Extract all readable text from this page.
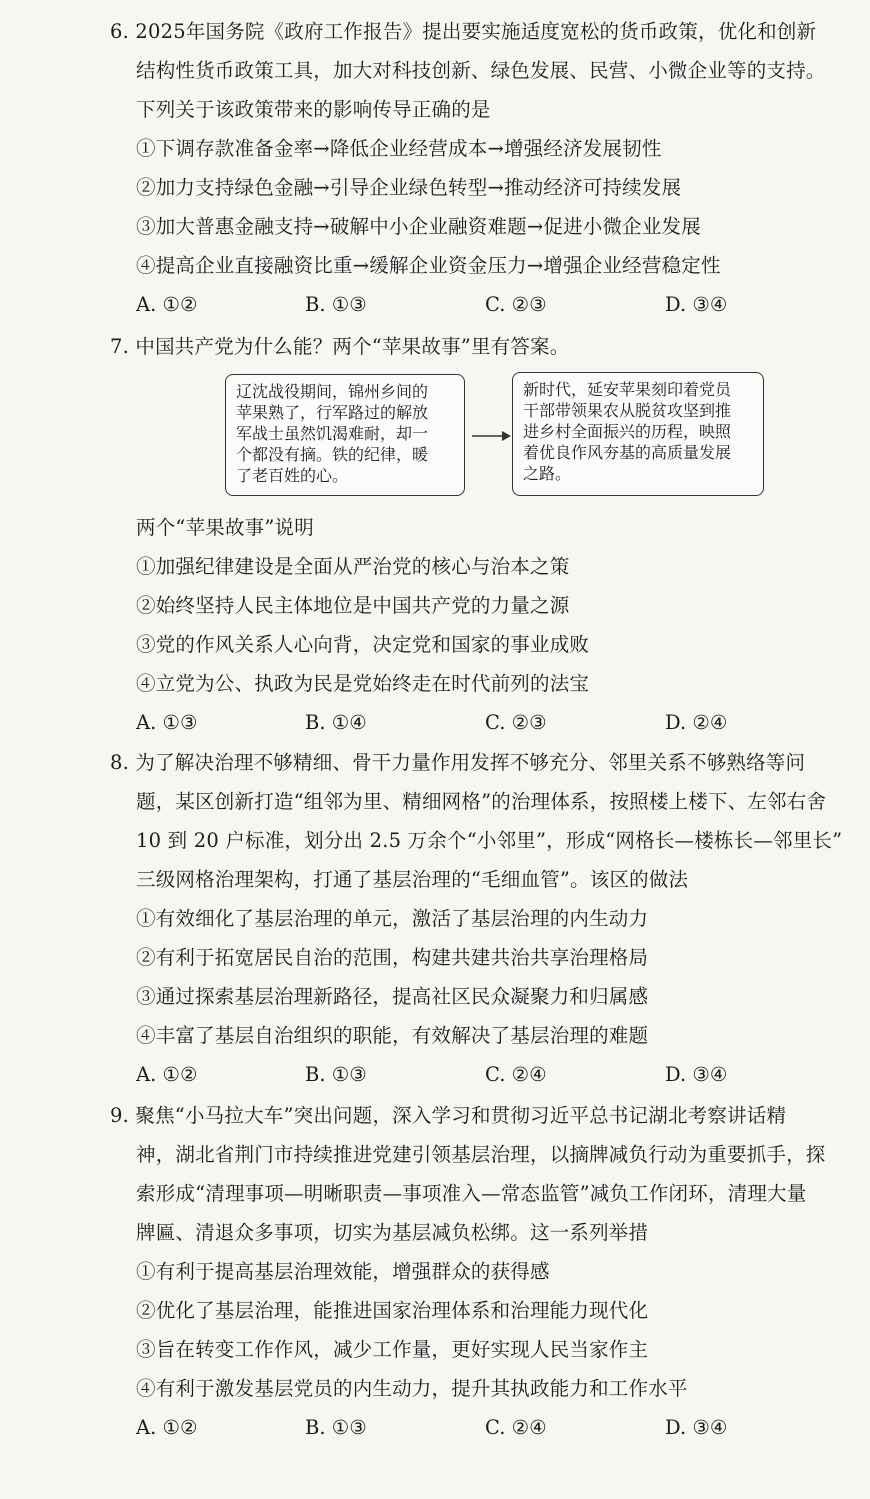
6. 2025年国务院《政府工作报告》提出要实施适度宽松的货币政策，优化和创新
结构性货币政策工具，加大对科技创新、绿色发展、民营、小微企业等的支持。
下列关于该政策带来的影响传导正确的是
①下调存款准备金率→降低企业经营成本→增强经济发展韧性
②加力支持绿色金融→引导企业绿色转型→推动经济可持续发展
③加大普惠金融支持→破解中小企业融资难题→促进小微企业发展
④提高企业直接融资比重→缓解企业资金压力→增强企业经营稳定性
A. ①②	B. ①③	C. ②③	D. ③④
7. 中国共产党为什么能？两个“苹果故事”里有答案。
辽沈战役期间，锦州乡间的
苹果熟了，行军路过的解放
军战士虽然饥渴难耐，却一
个都没有摘。铁的纪律，暖
了老百姓的心。
新时代，延安苹果刻印着党员
干部带领果农从脱贫攻坚到推
进乡村全面振兴的历程，映照
着优良作风夯基的高质量发展
之路。
两个“苹果故事”说明
①加强纪律建设是全面从严治党的核心与治本之策
②始终坚持人民主体地位是中国共产党的力量之源
③党的作风关系人心向背，决定党和国家的事业成败
④立党为公、执政为民是党始终走在时代前列的法宝
A. ①③	B. ①④	C. ②③	D. ②④
8. 为了解决治理不够精细、骨干力量作用发挥不够充分、邻里关系不够熟络等问
题，某区创新打造“组邻为里、精细网格”的治理体系，按照楼上楼下、左邻右舍
10 到 20 户标准，划分出 2.5 万余个“小邻里”，形成“网格长—楼栋长—邻里长”
三级网格治理架构，打通了基层治理的“毛细血管”。该区的做法
①有效细化了基层治理的单元，激活了基层治理的内生动力
②有利于拓宽居民自治的范围，构建共建共治共享治理格局
③通过探索基层治理新路径，提高社区民众凝聚力和归属感
④丰富了基层自治组织的职能，有效解决了基层治理的难题
A. ①②	B. ①③	C. ②④	D. ③④
9. 聚焦“小马拉大车”突出问题，深入学习和贯彻习近平总书记湖北考察讲话精
神，湖北省荆门市持续推进党建引领基层治理，以摘牌减负行动为重要抓手，探
索形成“清理事项—明晰职责—事项准入—常态监管”减负工作闭环，清理大量
牌匾、清退众多事项，切实为基层减负松绑。这一系列举措
①有利于提高基层治理效能，增强群众的获得感
②优化了基层治理，能推进国家治理体系和治理能力现代化
③旨在转变工作作风，减少工作量，更好实现人民当家作主
④有利于激发基层党员的内生动力，提升其执政能力和工作水平
A. ①②	B. ①③	C. ②④	D. ③④
